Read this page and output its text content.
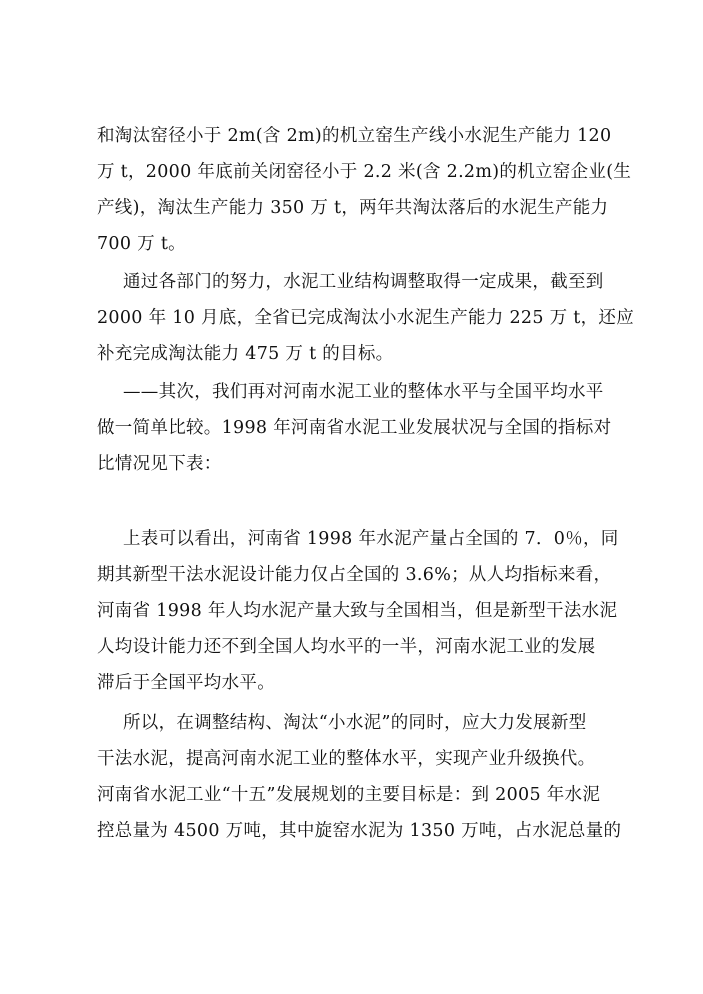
和淘汰窑径小于 2m(含 2m)的机立窑生产线小水泥生产能力 120
万 t，2000 年底前关闭窑径小于 2.2 米(含 2.2m)的机立窑企业(生
产线)，淘汰生产能力 350 万 t，两年共淘汰落后的水泥生产能力
700 万 t。
通过各部门的努力，水泥工业结构调整取得一定成果，截至到
2000 年 10 月底，全省已完成淘汰小水泥生产能力 225 万 t，还应
补充完成淘汰能力 475 万 t 的目标。
——其次，我们再对河南水泥工业的整体水平与全国平均水平
做一简单比较。1998 年河南省水泥工业发展状况与全国的指标对
比情况见下表：
上表可以看出，河南省 1998 年水泥产量占全国的 7．0％，同
期其新型干法水泥设计能力仅占全国的 3.6%；从人均指标来看，
河南省 1998 年人均水泥产量大致与全国相当，但是新型干法水泥
人均设计能力还不到全国人均水平的一半，河南水泥工业的发展
滞后于全国平均水平。
所以，在调整结构、淘汰“小水泥”的同时，应大力发展新型
干法水泥，提高河南水泥工业的整体水平，实现产业升级换代。
河南省水泥工业“十五”发展规划的主要目标是：到 2005 年水泥
控总量为 4500 万吨，其中旋窑水泥为 1350 万吨，占水泥总量的
